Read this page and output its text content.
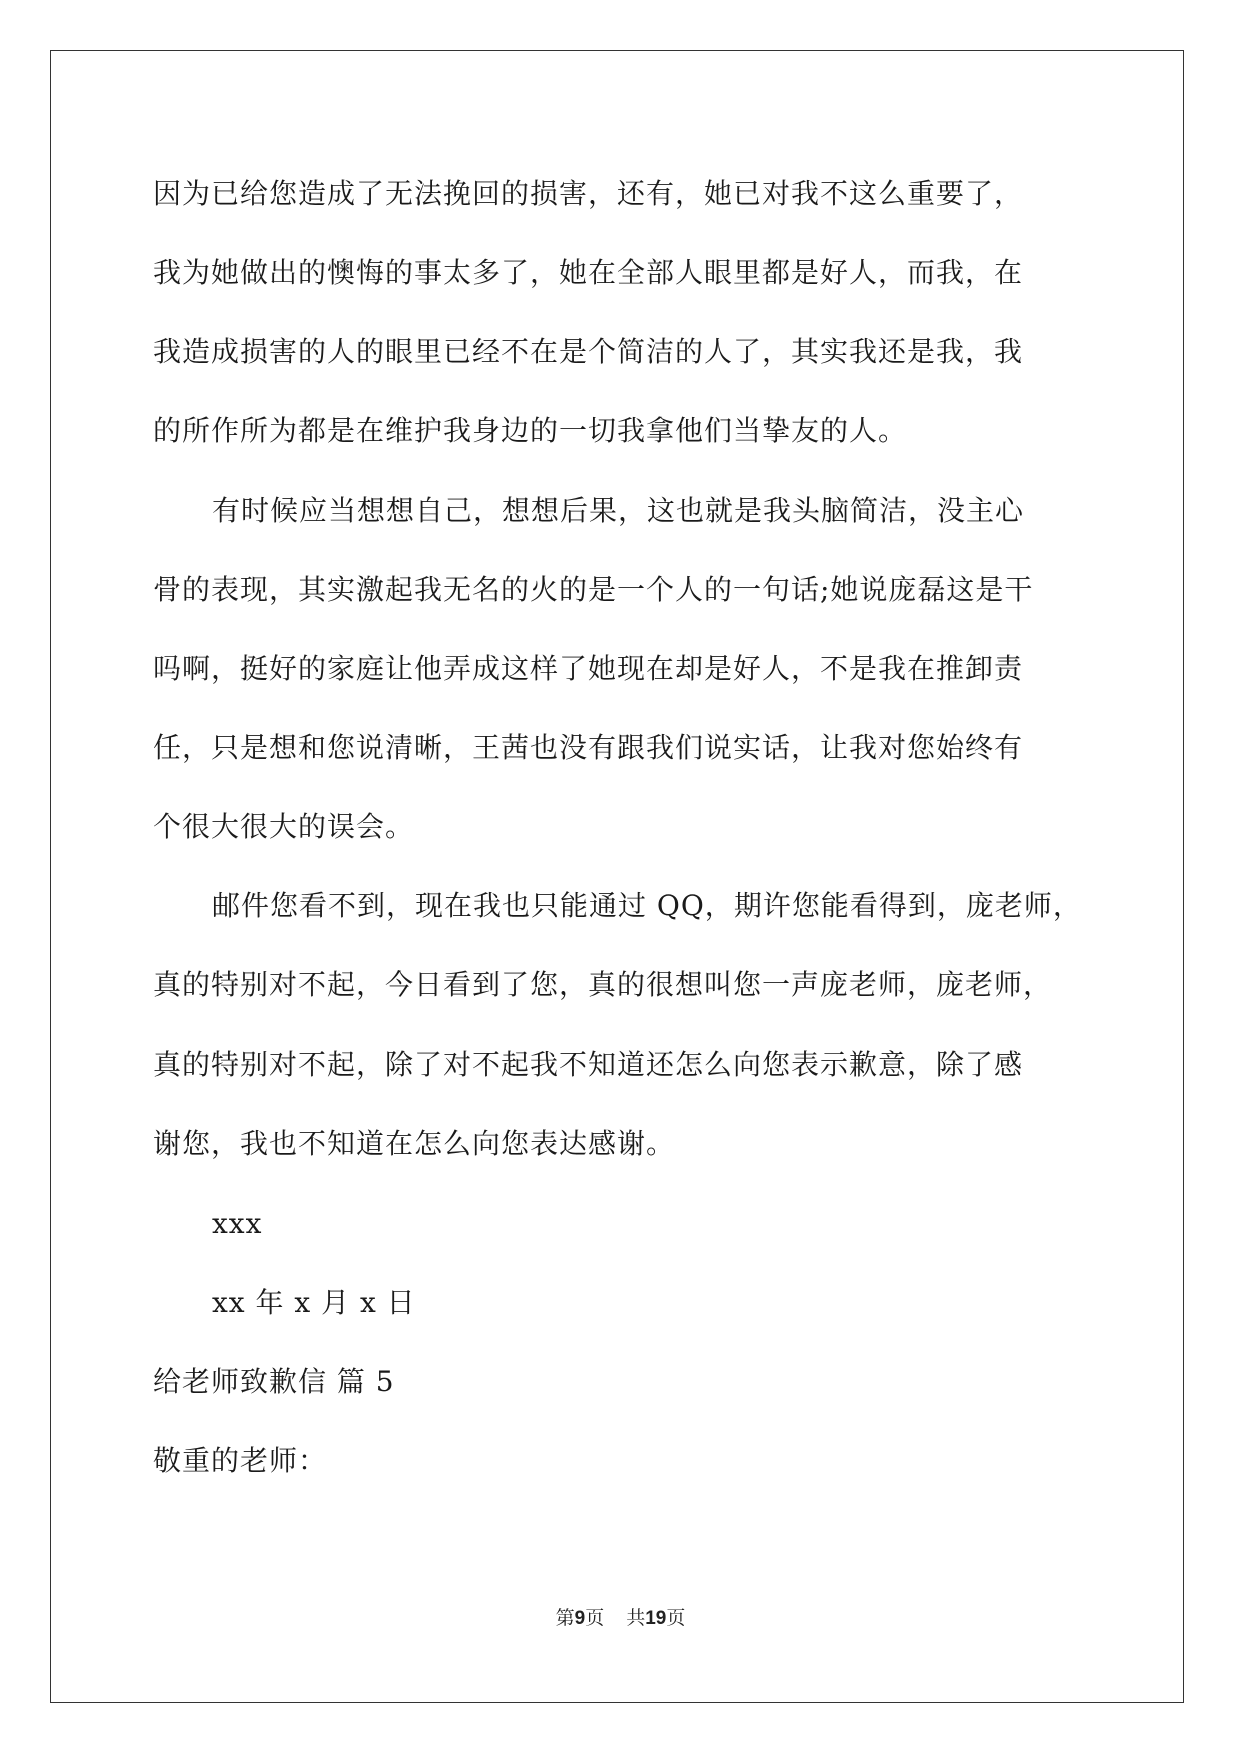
因为已给您造成了无法挽回的损害，还有，她已对我不这么重要了，
我为她做出的懊悔的事太多了，她在全部人眼里都是好人，而我，在
我造成损害的人的眼里已经不在是个简洁的人了，其实我还是我，我
的所作所为都是在维护我身边的一切我拿他们当挚友的人。
有时候应当想想自己，想想后果，这也就是我头脑简洁，没主心
骨的表现，其实激起我无名的火的是一个人的一句话;她说庞磊这是干
吗啊，挺好的家庭让他弄成这样了她现在却是好人，不是我在推卸责
任，只是想和您说清晰，王茜也没有跟我们说实话，让我对您始终有
个很大很大的误会。
邮件您看不到，现在我也只能通过 QQ，期许您能看得到，庞老师，
真的特别对不起，今日看到了您，真的很想叫您一声庞老师，庞老师，
真的特别对不起，除了对不起我不知道还怎么向您表示歉意，除了感
谢您，我也不知道在怎么向您表达感谢。
xxx
xx 年 x 月 x 日
给老师致歉信 篇 5
敬重的老师：
第9页 共19页
